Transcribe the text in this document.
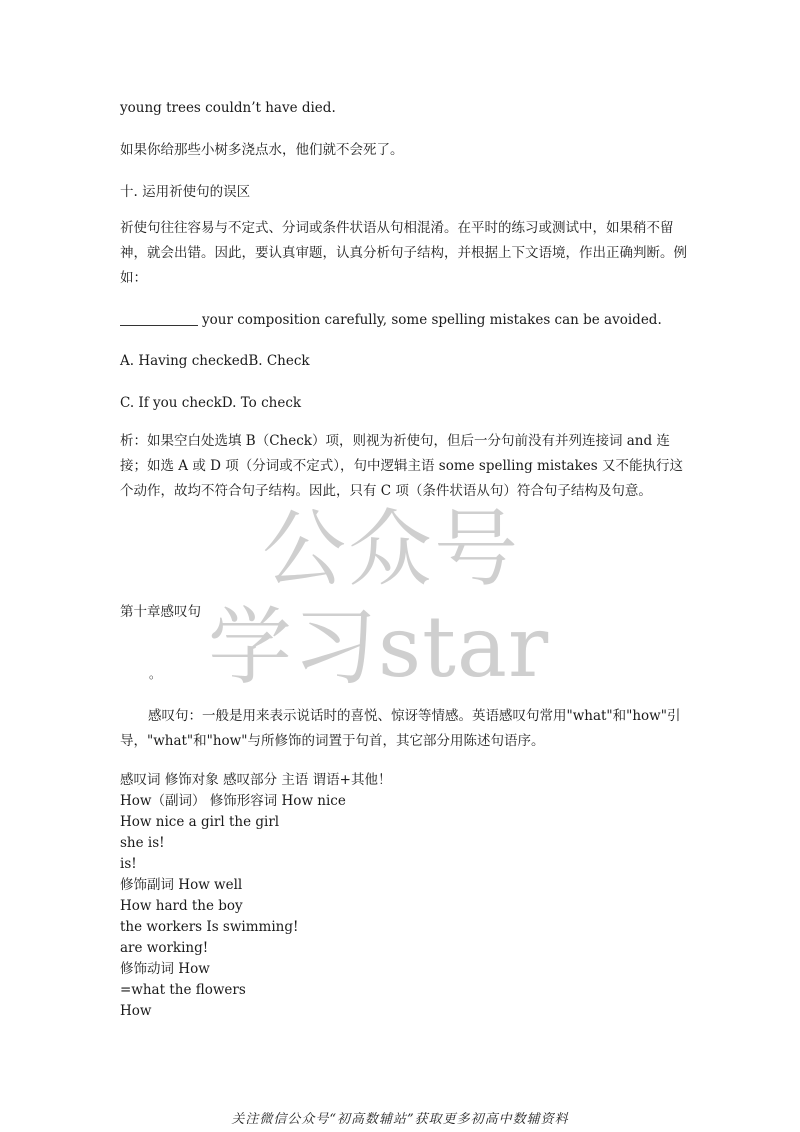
公众号
学习star
young trees couldn’t have died.
如果你给那些小树多浇点水，他们就不会死了。
十. 运用祈使句的误区
祈使句往往容易与不定式、分词或条件状语从句相混淆。在平时的练习或测试中，如果稍不留神，就会出错。因此，要认真审题，认真分析句子结构，并根据上下文语境，作出正确判断。例如：
your composition carefully, some spelling mistakes can be avoided.
A. Having checkedB. Check
C. If you checkD. To check
析：如果空白处选填 B（Check）项，则视为祈使句，但后一分句前没有并列连接词 and 连接；如选 A 或 D 项（分词或不定式），句中逻辑主语 some spelling mistakes 又不能执行这个动作，故均不符合句子结构。因此，只有 C 项（条件状语从句）符合句子结构及句意。
第十章感叹句
。
感叹句：一般是用来表示说话时的喜悦、惊讶等情感。英语感叹句常用"what"和"how"引导，"what"和"how"与所修饰的词置于句首，其它部分用陈述句语序。
感叹词 修饰对象 感叹部分 主语 谓语+其他！
How（副词） 修饰形容词 How nice
How nice a girl the girl
she is!
is!
修饰副词 How well
How hard the boy
the workers Is swimming!
are working!
修饰动词 How
=what the flowers
How
关注微信公众号“初高数辅站”获取更多初高中数辅资料
